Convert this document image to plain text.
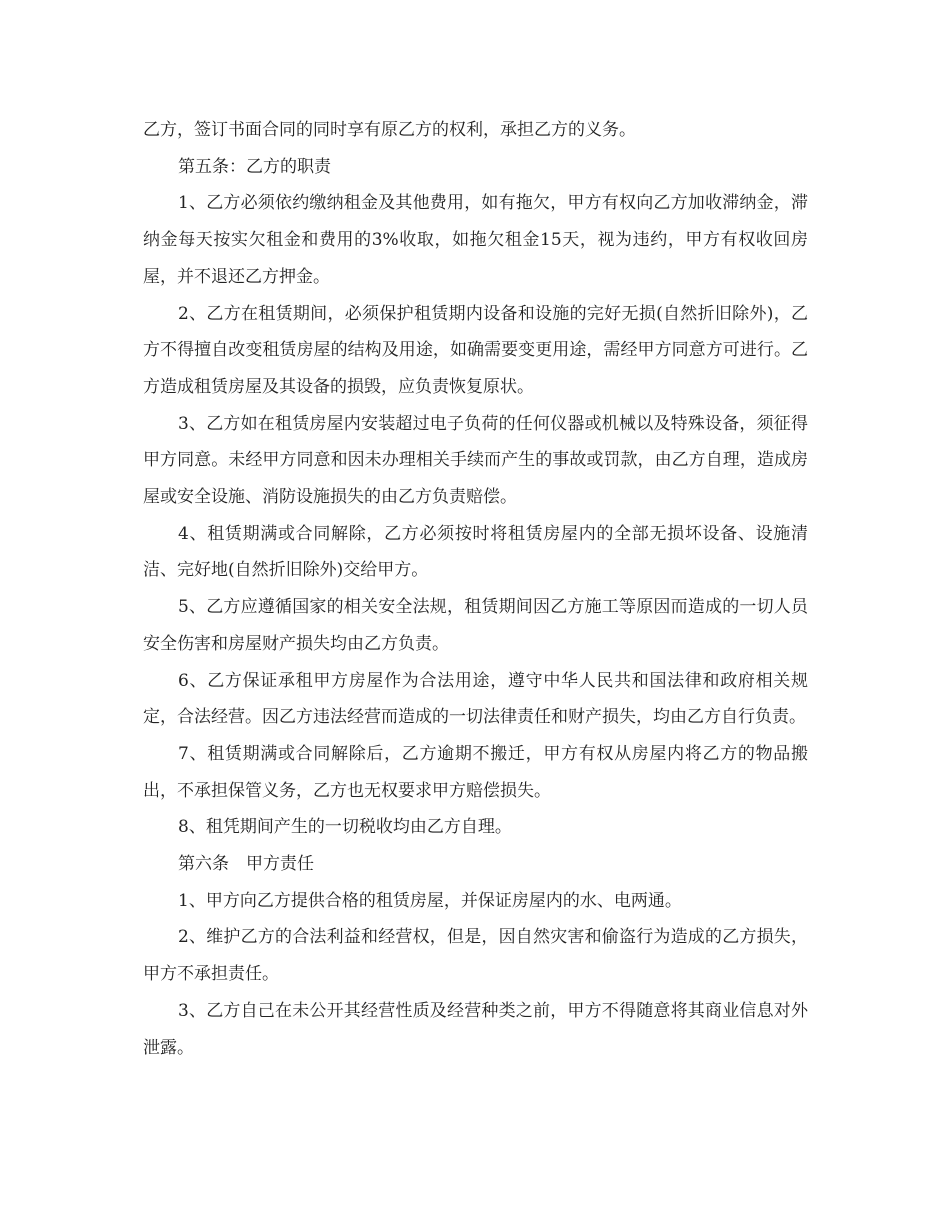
乙方，签订书面合同的同时享有原乙方的权利，承担乙方的义务。

第五条：乙方的职责

1、乙方必须依约缴纳租金及其他费用，如有拖欠，甲方有权向乙方加收滞纳金，滞纳金每天按实欠租金和费用的3%收取，如拖欠租金15天，视为违约，甲方有权收回房屋，并不退还乙方押金。

2、乙方在租赁期间，必须保护租赁期内设备和设施的完好无损(自然折旧除外)，乙方不得擅自改变租赁房屋的结构及用途，如确需要变更用途，需经甲方同意方可进行。乙方造成租赁房屋及其设备的损毁，应负责恢复原状。

3、乙方如在租赁房屋内安装超过电子负荷的任何仪器或机械以及特殊设备，须征得甲方同意。未经甲方同意和因未办理相关手续而产生的事故或罚款，由乙方自理，造成房屋或安全设施、消防设施损失的由乙方负责赔偿。

4、租赁期满或合同解除，乙方必须按时将租赁房屋内的全部无损坏设备、设施清洁、完好地(自然折旧除外)交给甲方。

5、乙方应遵循国家的相关安全法规，租赁期间因乙方施工等原因而造成的一切人员安全伤害和房屋财产损失均由乙方负责。

6、乙方保证承租甲方房屋作为合法用途，遵守中华人民共和国法律和政府相关规定，合法经营。因乙方违法经营而造成的一切法律责任和财产损失，均由乙方自行负责。

7、租赁期满或合同解除后，乙方逾期不搬迁，甲方有权从房屋内将乙方的物品搬出，不承担保管义务，乙方也无权要求甲方赔偿损失。

8、租凭期间产生的一切税收均由乙方自理。

第六条　甲方责任

1、甲方向乙方提供合格的租赁房屋，并保证房屋内的水、电两通。

2、维护乙方的合法利益和经营权，但是，因自然灾害和偷盗行为造成的乙方损失，甲方不承担责任。

3、乙方自己在未公开其经营性质及经营种类之前，甲方不得随意将其商业信息对外泄露。
